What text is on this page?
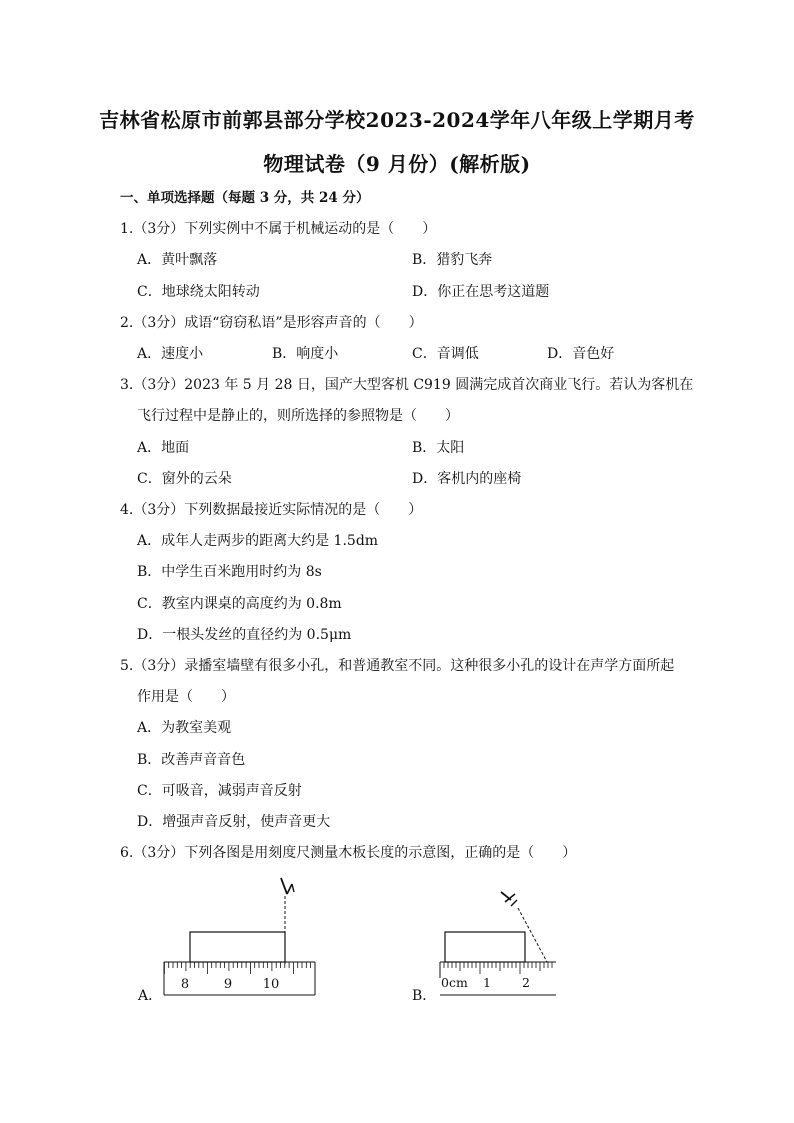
吉林省松原市前郭县部分学校2023-2024学年八年级上学期月考
物理试卷（9 月份）(解析版)
一、单项选择题（每题 3 分，共 24 分）
1.（3分）下列实例中不属于机械运动的是（　　）
A．黄叶飘落	B．猎豹飞奔
C．地球绕太阳转动	D．你正在思考这道题
2.（3分）成语“窃窃私语”是形容声音的（　　）
A．速度小	B．响度小	C．音调低	D．音色好
3.（3分）2023 年 5 月 28 日，国产大型客机 C919 圆满完成首次商业飞行。若认为客机在
飞行过程中是静止的，则所选择的参照物是（　　）
A．地面	B．太阳
C．窗外的云朵	D．客机内的座椅
4.（3分）下列数据最接近实际情况的是（　　）
A．成年人走两步的距离大约是 1.5dm
B．中学生百米跑用时约为 8s
C．教室内课桌的高度约为 0.8m
D．一根头发丝的直径约为 0.5μm
5.（3分）录播室墙壁有很多小孔，和普通教室不同。这种很多小孔的设计在声学方面所起
作用是（　　）
A．为教室美观
B．改善声音音色
C．可吸音，减弱声音反射
D．增强声音反射，使声音更大
6.（3分）下列各图是用刻度尺测量木板长度的示意图，正确的是（　　）
A．
8	9 10
B．
0cm 1 2
